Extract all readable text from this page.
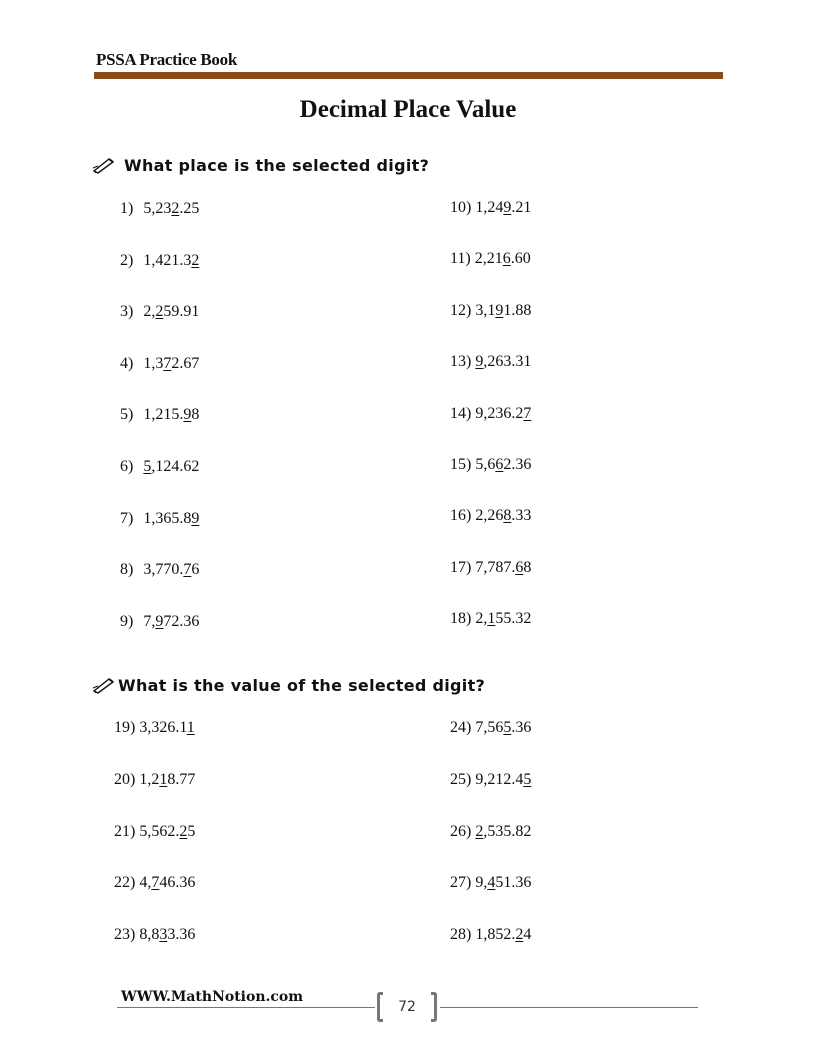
PSSA Practice Book
Decimal Place Value
What place is the selected digit?
1) 5,232.25
2) 1,421.32
3) 2,259.91
4) 1,372.67
5) 1,215.98
6) 5,124.62
7) 1,365.89
8) 3,770.76
9) 7,972.36
10) 1,249.21
11) 2,216.60
12) 3,191.88
13) 9,263.31
14) 9,236.27
15) 5,662.36
16) 2,268.33
17) 7,787.68
18) 2,155.32
What is the value of the selected digit?
19) 3,326.11
20) 1,218.77
21) 5,562.25
22) 4,746.36
23) 8,833.36
24) 7,565.36
25) 9,212.45
26) 2,535.82
27) 9,451.36
28) 1,852.24
WWW.MathNotion.com
72
